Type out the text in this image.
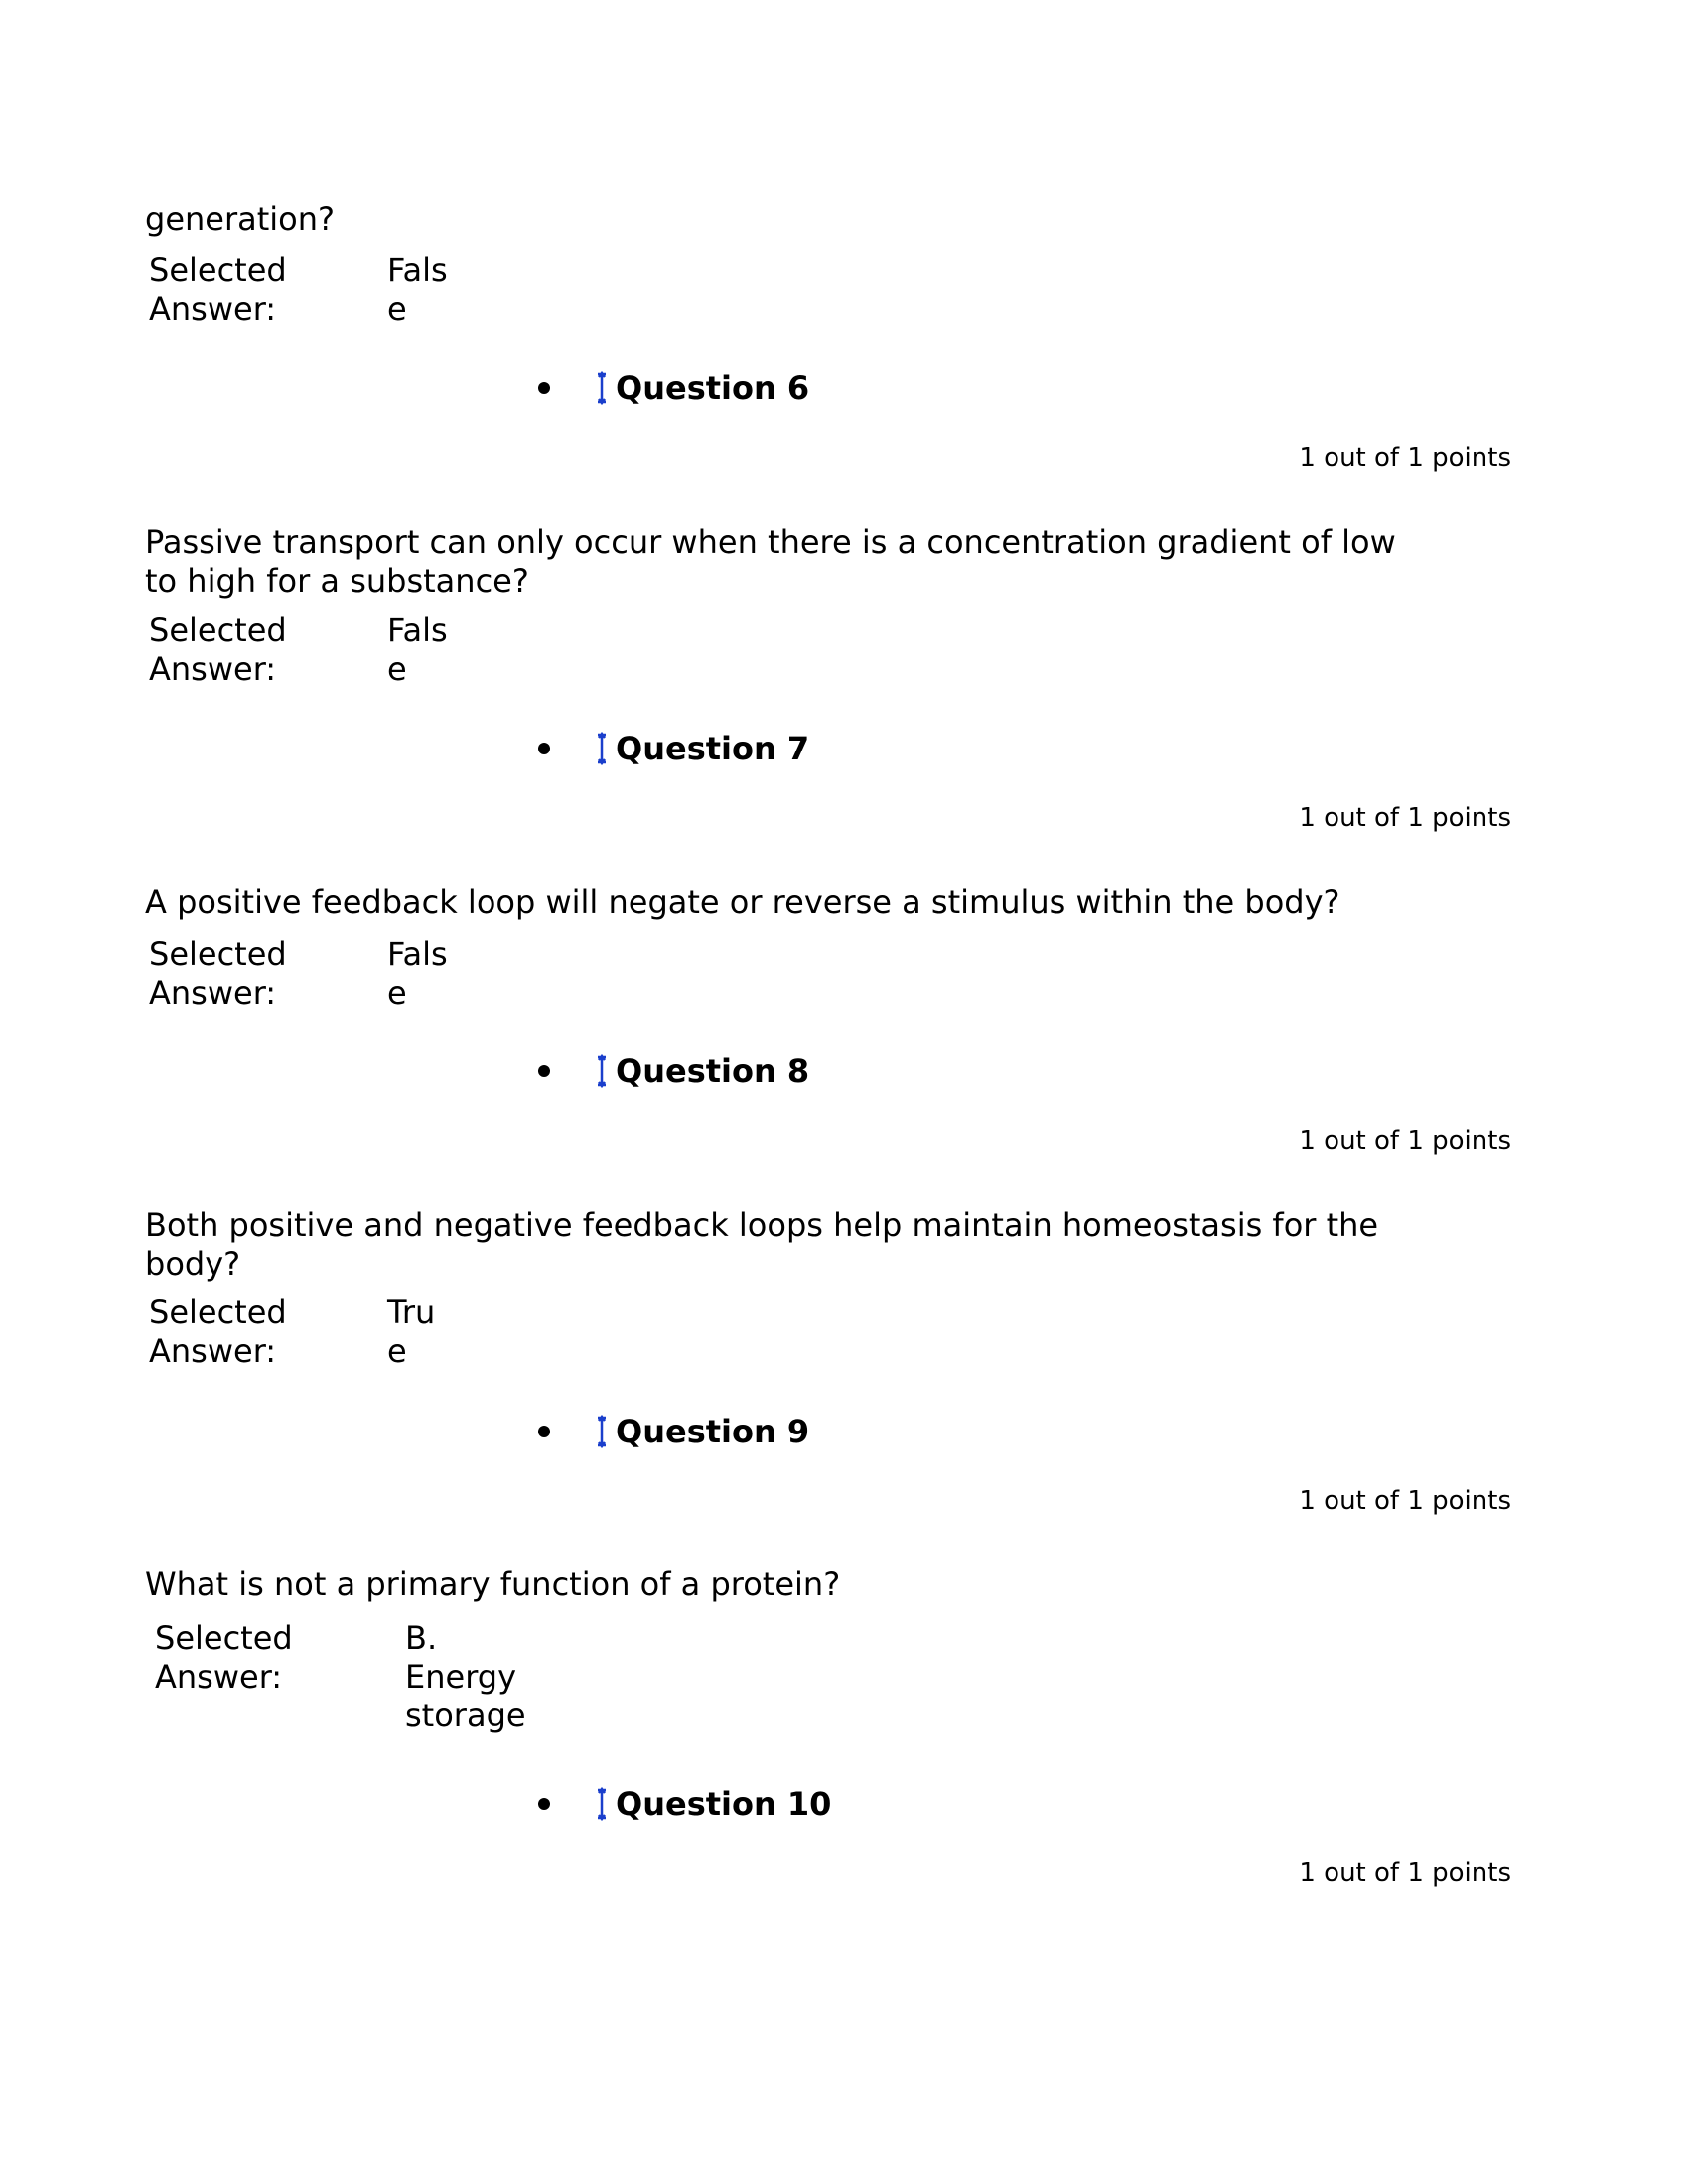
generation?
Selected
Answer:
Fals
e
Question 6
1 out of 1 points
Passive transport can only occur when there is a concentration gradient of low to high for a substance?
Selected
Answer:
Fals
e
Question 7
1 out of 1 points
A positive feedback loop will negate or reverse a stimulus within the body?
Selected
Answer:
Fals
e
Question 8
1 out of 1 points
Both positive and negative feedback loops help maintain homeostasis for the body?
Selected
Answer:
Tru
e
Question 9
1 out of 1 points
What is not a primary function of a protein?
Selected
Answer:
B.
Energy
storage
Question 10
1 out of 1 points
